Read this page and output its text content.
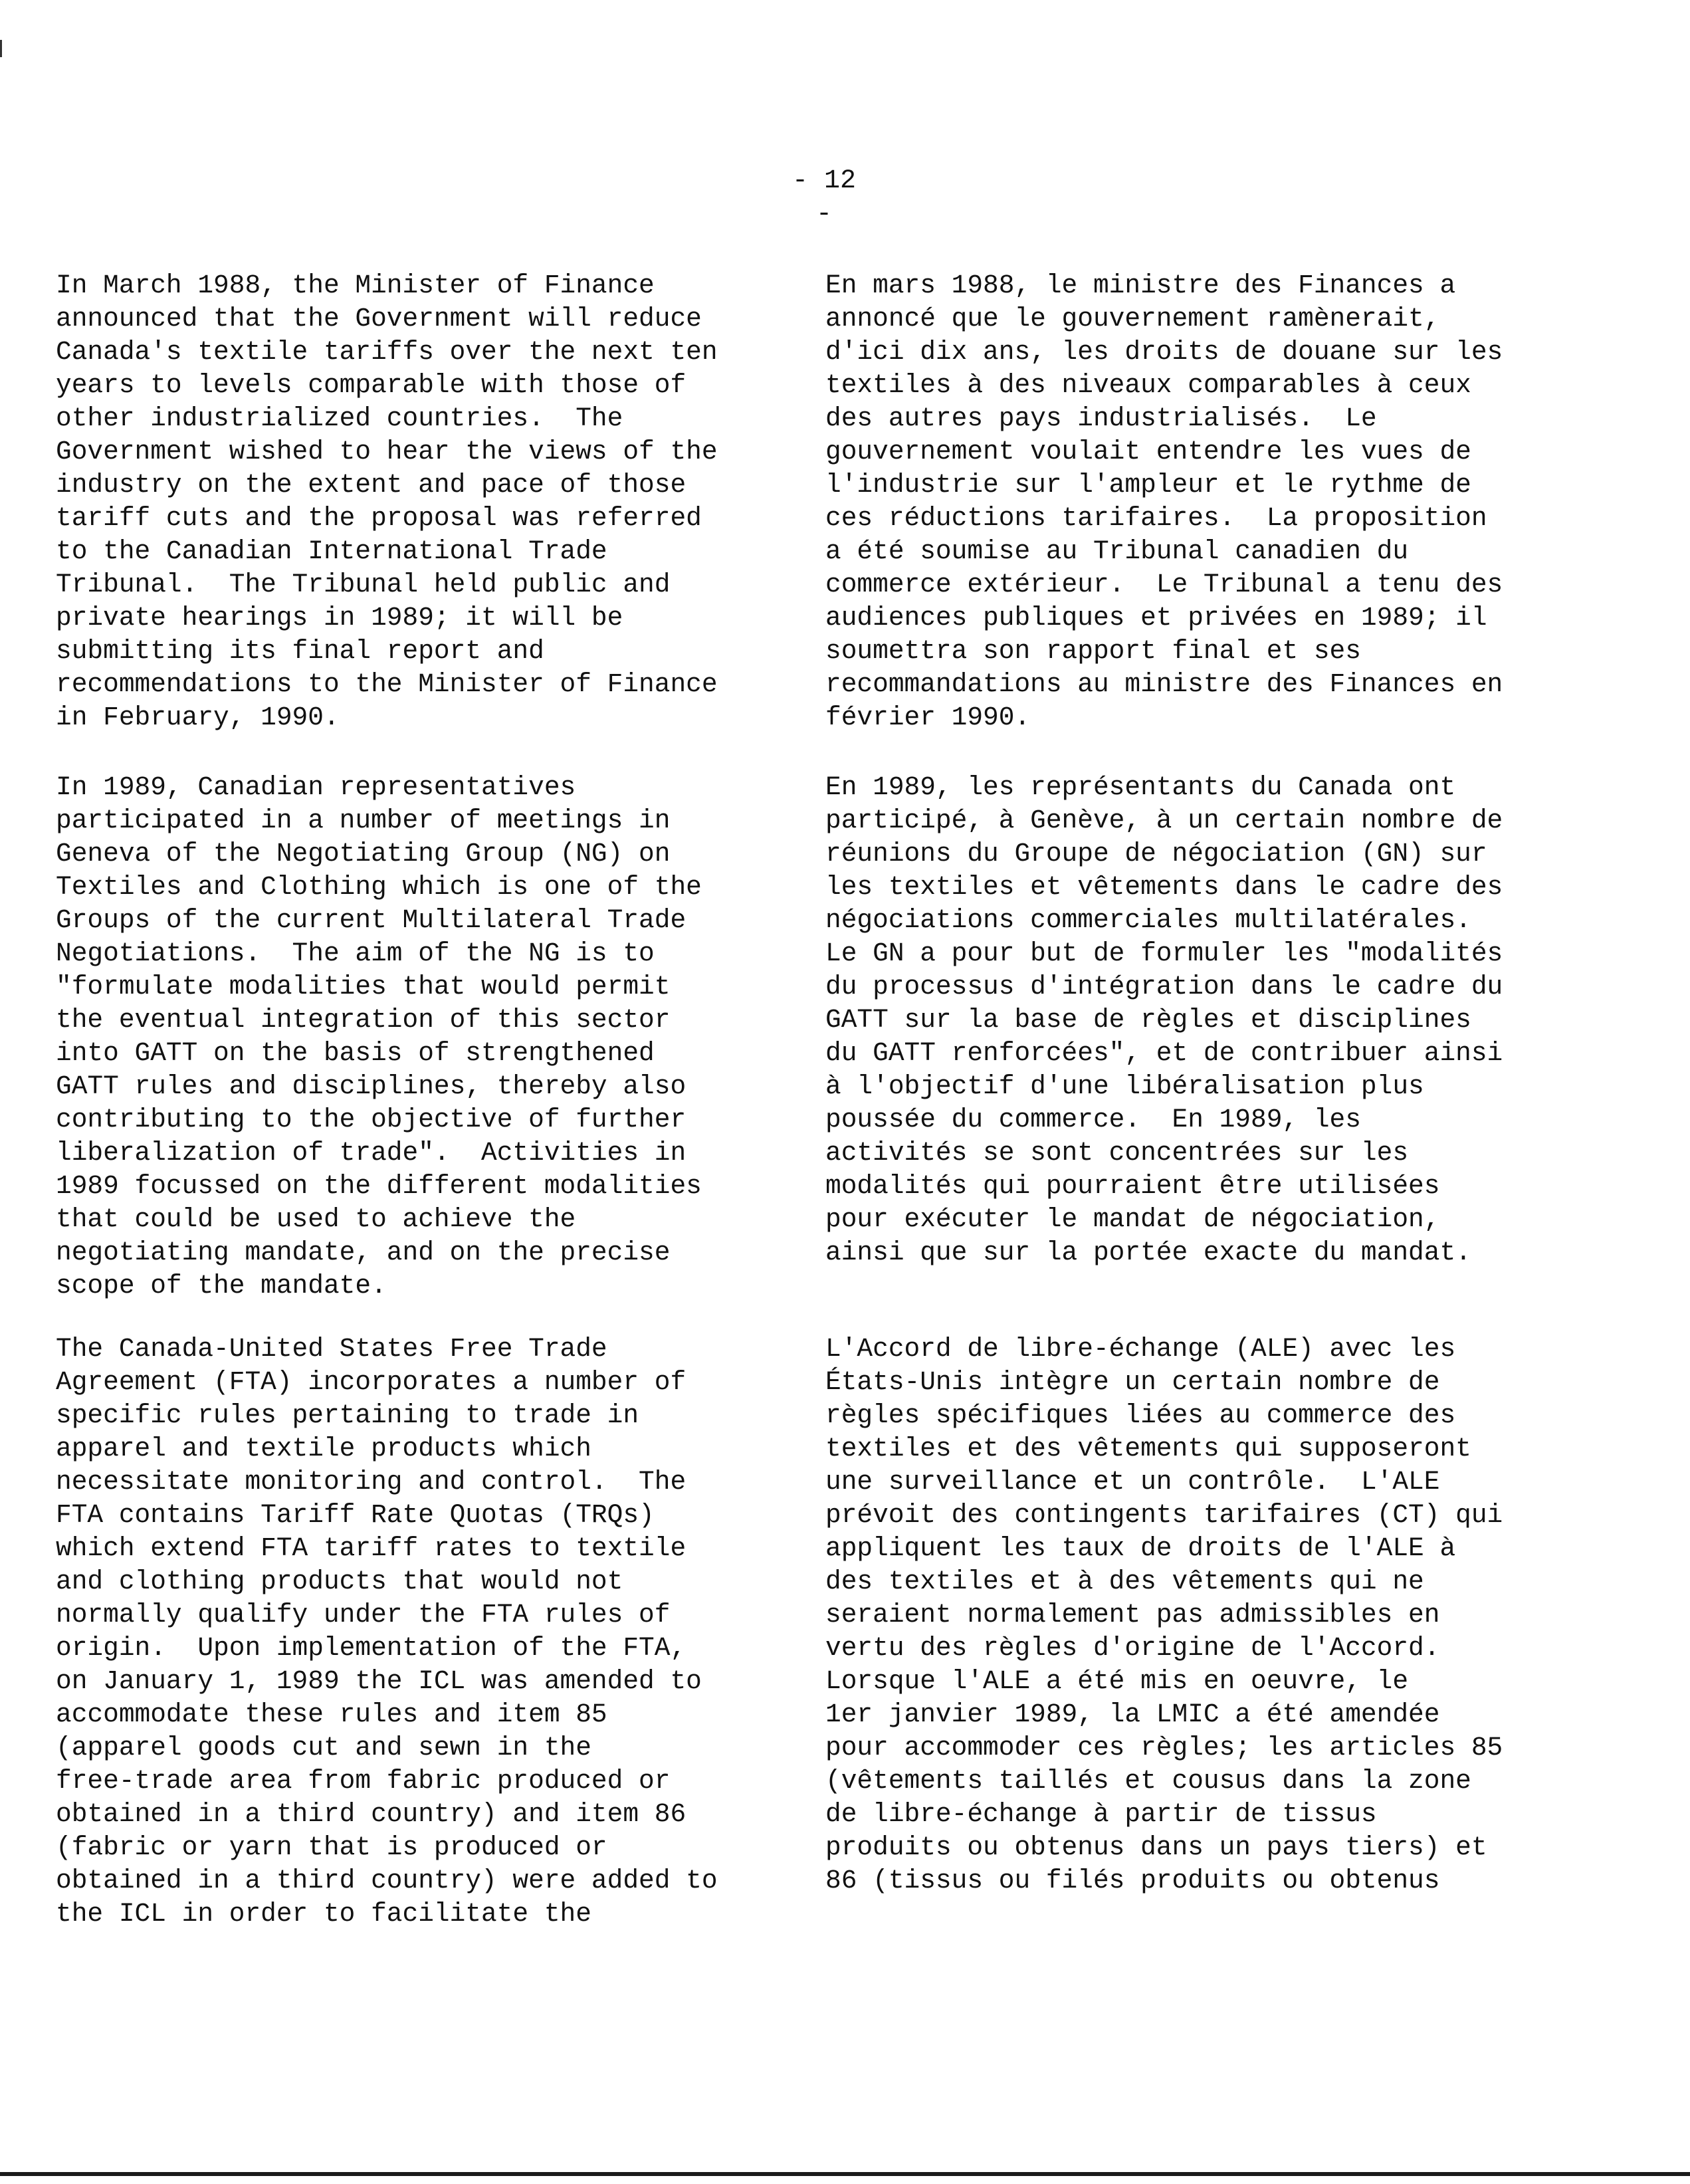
- 12 -
In March 1988, the Minister of Finance
announced that the Government will reduce
Canada's textile tariffs over the next ten
years to levels comparable with those of
other industrialized countries.  The
Government wished to hear the views of the
industry on the extent and pace of those
tariff cuts and the proposal was referred
to the Canadian International Trade
Tribunal.  The Tribunal held public and
private hearings in 1989; it will be
submitting its final report and
recommendations to the Minister of Finance
in February, 1990.
In 1989, Canadian representatives
participated in a number of meetings in
Geneva of the Negotiating Group (NG) on
Textiles and Clothing which is one of the
Groups of the current Multilateral Trade
Negotiations.  The aim of the NG is to
"formulate modalities that would permit
the eventual integration of this sector
into GATT on the basis of strengthened
GATT rules and disciplines, thereby also
contributing to the objective of further
liberalization of trade".  Activities in
1989 focussed on the different modalities
that could be used to achieve the
negotiating mandate, and on the precise
scope of the mandate.
The Canada-United States Free Trade
Agreement (FTA) incorporates a number of
specific rules pertaining to trade in
apparel and textile products which
necessitate monitoring and control.  The
FTA contains Tariff Rate Quotas (TRQs)
which extend FTA tariff rates to textile
and clothing products that would not
normally qualify under the FTA rules of
origin.  Upon implementation of the FTA,
on January 1, 1989 the ICL was amended to
accommodate these rules and item 85
(apparel goods cut and sewn in the
free-trade area from fabric produced or
obtained in a third country) and item 86
(fabric or yarn that is produced or
obtained in a third country) were added to
the ICL in order to facilitate the
En mars 1988, le ministre des Finances a
annoncé que le gouvernement ramènerait,
d'ici dix ans, les droits de douane sur les
textiles à des niveaux comparables à ceux
des autres pays industrialisés.  Le
gouvernement voulait entendre les vues de
l'industrie sur l'ampleur et le rythme de
ces réductions tarifaires.  La proposition
a été soumise au Tribunal canadien du
commerce extérieur.  Le Tribunal a tenu des
audiences publiques et privées en 1989; il
soumettra son rapport final et ses
recommandations au ministre des Finances en
février 1990.
En 1989, les représentants du Canada ont
participé, à Genève, à un certain nombre de
réunions du Groupe de négociation (GN) sur
les textiles et vêtements dans le cadre des
négociations commerciales multilatérales.
Le GN a pour but de formuler les "modalités
du processus d'intégration dans le cadre du
GATT sur la base de règles et disciplines
du GATT renforcées", et de contribuer ainsi
à l'objectif d'une libéralisation plus
poussée du commerce.  En 1989, les
activités se sont concentrées sur les
modalités qui pourraient être utilisées
pour exécuter le mandat de négociation,
ainsi que sur la portée exacte du mandat.
L'Accord de libre-échange (ALE) avec les
États-Unis intègre un certain nombre de
règles spécifiques liées au commerce des
textiles et des vêtements qui supposeront
une surveillance et un contrôle.  L'ALE
prévoit des contingents tarifaires (CT) qui
appliquent les taux de droits de l'ALE à
des textiles et à des vêtements qui ne
seraient normalement pas admissibles en
vertu des règles d'origine de l'Accord.
Lorsque l'ALE a été mis en oeuvre, le
1er janvier 1989, la LMIC a été amendée
pour accommoder ces règles; les articles 85
(vêtements taillés et cousus dans la zone
de libre-échange à partir de tissus
produits ou obtenus dans un pays tiers) et
86 (tissus ou filés produits ou obtenus
